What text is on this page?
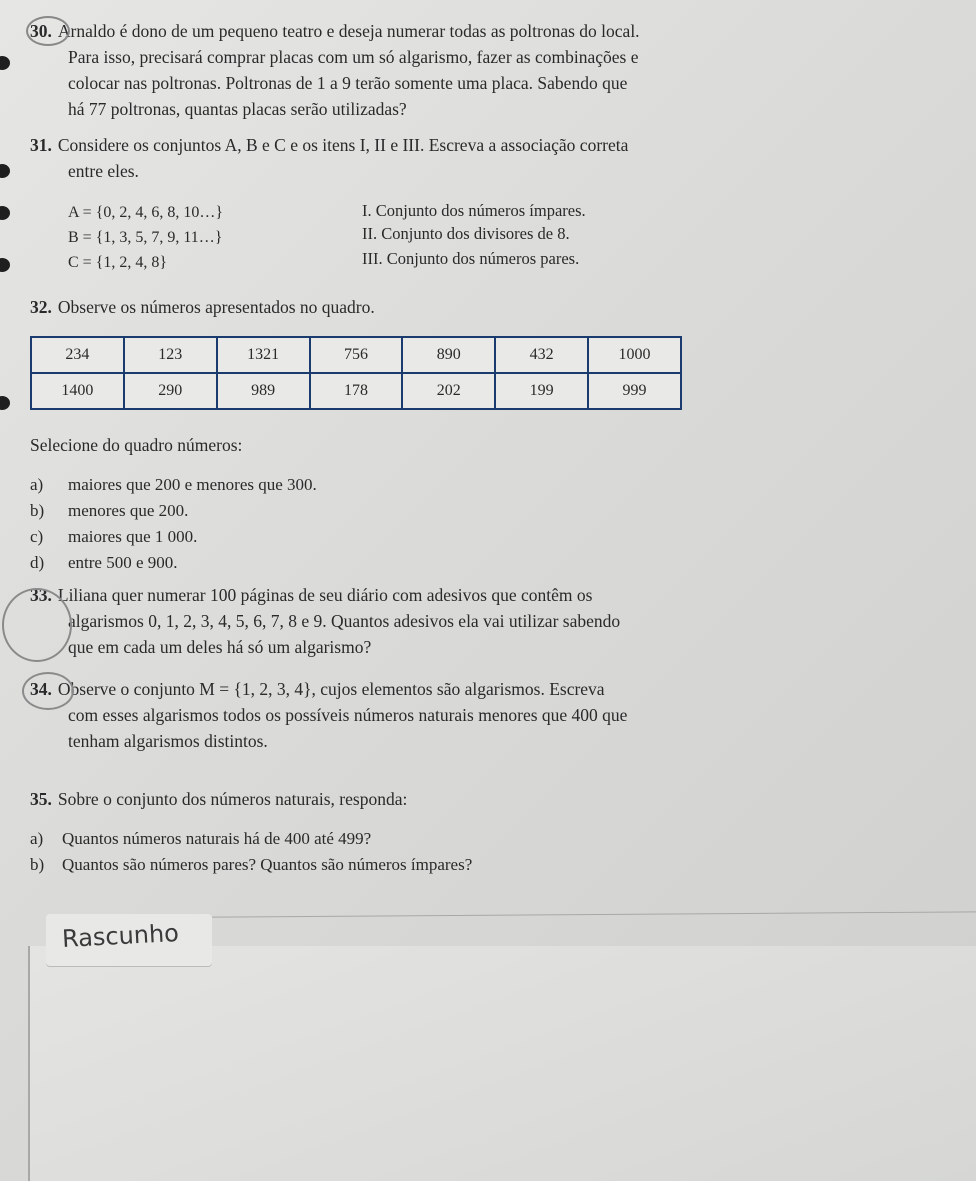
30. Arnaldo é dono de um pequeno teatro e deseja numerar todas as poltronas do local.
Para isso, precisará comprar placas com um só algarismo, fazer as combinações e
colocar nas poltronas. Poltronas de 1 a 9 terão somente uma placa. Sabendo que
há 77 poltronas, quantas placas serão utilizadas?
31. Considere os conjuntos A, B e C e os itens I, II e III. Escreva a associação correta
entre eles.
A = {0, 2, 4, 6, 8, 10…}
B = {1, 3, 5, 7, 9, 11…}
C = {1, 2, 4, 8}
I. Conjunto dos números ímpares.
II. Conjunto dos divisores de 8.
III. Conjunto dos números pares.
32. Observe os números apresentados no quadro.
234	123	1321	756	890	432	1000
1400	290	989	178	202	199	999
Selecione do quadro números:
a) maiores que 200 e menores que 300.
b) menores que 200.
c) maiores que 1 000.
d) entre 500 e 900.
33. Liliana quer numerar 100 páginas de seu diário com adesivos que contêm os
algarismos 0, 1, 2, 3, 4, 5, 6, 7, 8 e 9. Quantos adesivos ela vai utilizar sabendo
que em cada um deles há só um algarismo?
34. Observe o conjunto M = {1, 2, 3, 4}, cujos elementos são algarismos. Escreva
com esses algarismos todos os possíveis números naturais menores que 400 que
tenham algarismos distintos.
35. Sobre o conjunto dos números naturais, responda:
a) Quantos números naturais há de 400 até 499?
b) Quantos são números pares? Quantos são números ímpares?
Rascunho
